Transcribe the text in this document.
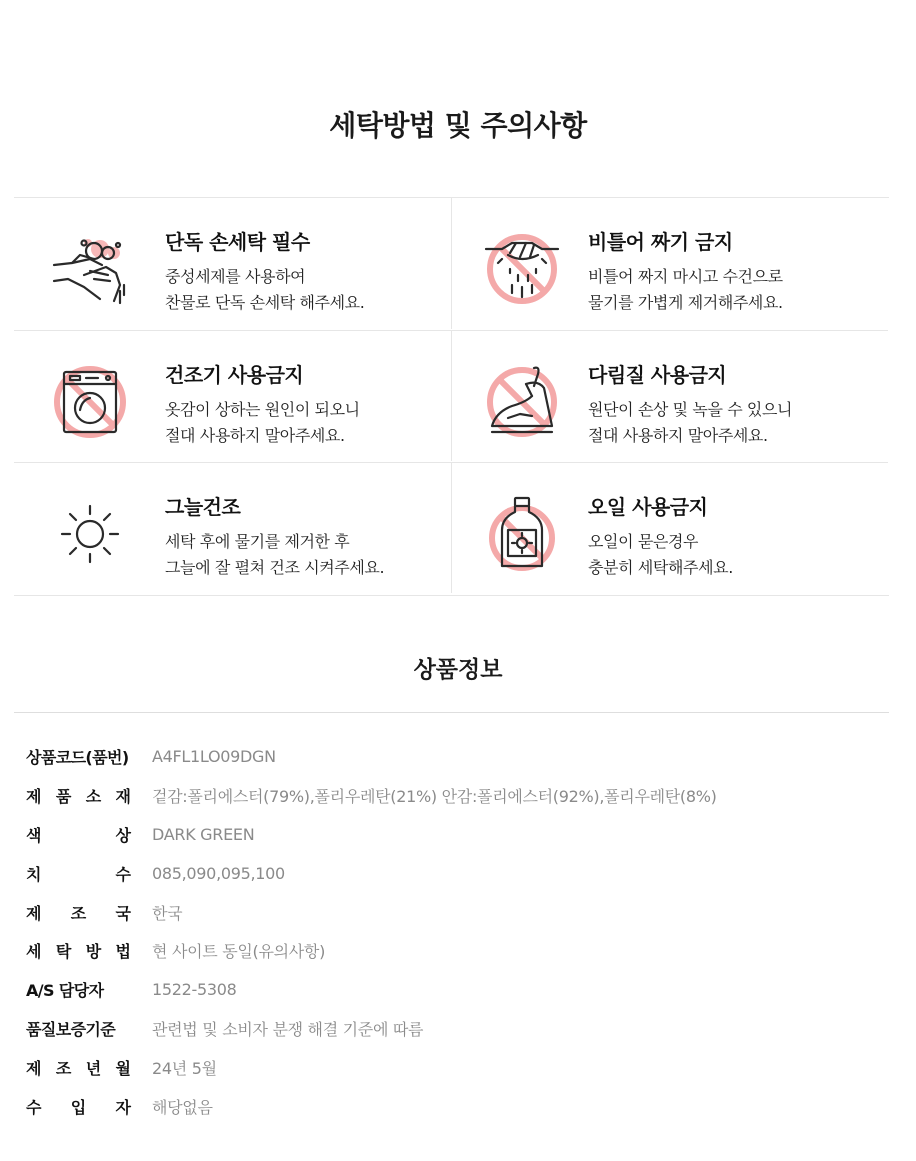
세탁방법 및 주의사항
단독 손세탁 필수
중성세제를 사용하여
찬물로 단독 손세탁 해주세요.
비틀어 짜기 금지
비틀어 짜지 마시고 수건으로
물기를 가볍게 제거해주세요.
건조기 사용금지
옷감이 상하는 원인이 되오니
절대 사용하지 말아주세요.
다림질 사용금지
원단이 손상 및 녹을 수 있으니
절대 사용하지 말아주세요.
그늘건조
세탁 후에 물기를 제거한 후
그늘에 잘 펼쳐 건조 시켜주세요.
오일 사용금지
오일이 묻은경우
충분히 세탁해주세요.
상품정보
상품코드(품번) A4FL1LO09DGN
제 품 소 재 겉감:폴리에스터(79%),폴리우레탄(21%) 안감:폴리에스터(92%),폴리우레탄(8%)
색	상 DARK GREEN
치	수 085,090,095,100
제 조 국 한국
세 탁 방 법 현 사이트 동일(유의사항)
A/S 담당자	1522-5308
품질보증기준	관련법 및 소비자 분쟁 해결 기준에 따름
제 조 년 월 24년 5월
수 입 자 해당없음
